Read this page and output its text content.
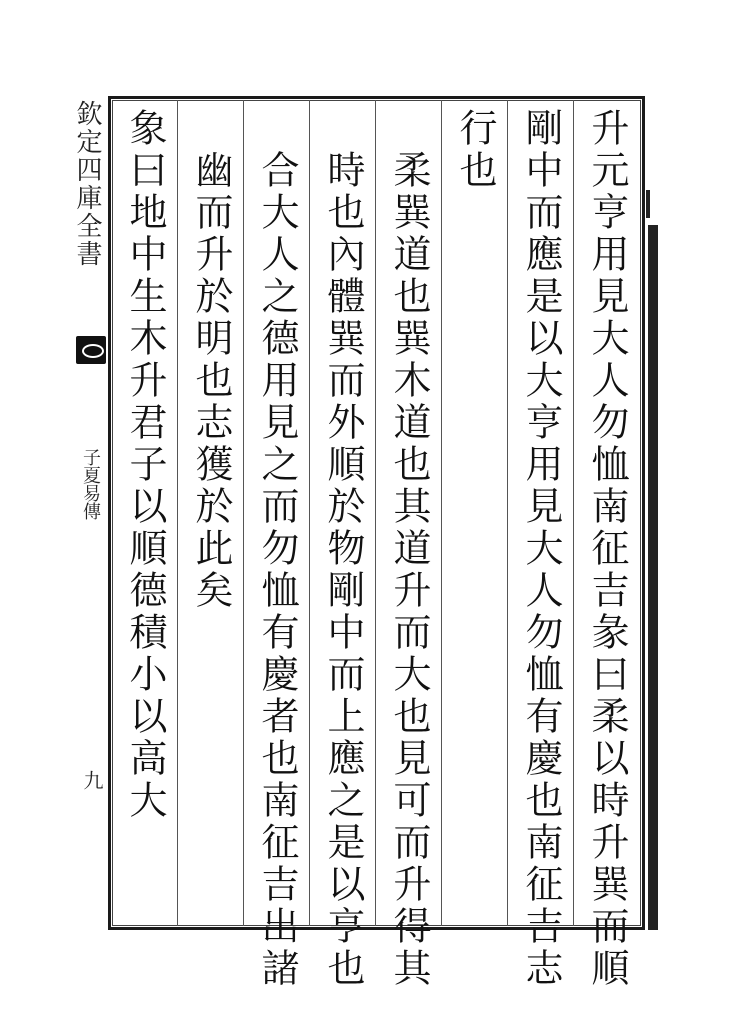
欽定四庫全書
子夏易傳
九	升元亨用見大人勿恤南征吉彖曰柔以時升巽而順
剛中而應是以大亨用見大人勿恤有慶也南征吉志
行也
柔巽道也巽木道也其道升而大也見可而升得其
時也內體巽而外順於物剛中而上應之是以亨也
合大人之德用見之而勿恤有慶者也南征吉出諸
幽而升於明也志獲於此矣
象曰地中生木升君子以順德積小以高大
